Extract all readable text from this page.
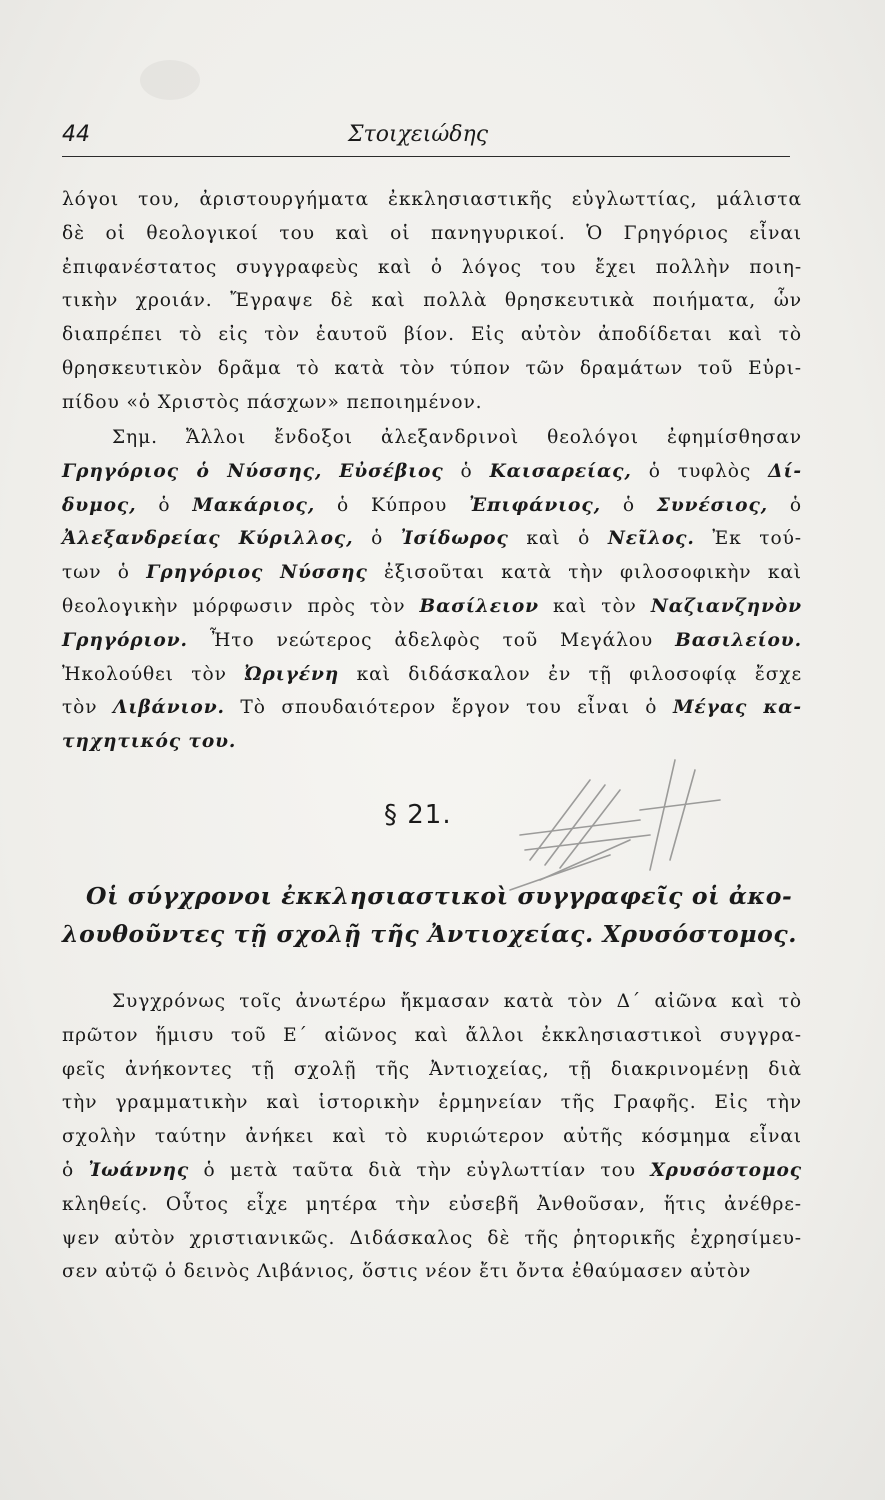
44	Στοιχειώδης
λόγοι του, ἀριστουργήματα ἐκκλησιαστικῆς εὐγλωττίας, μάλιστα
δὲ οἱ θεολογικοί του καὶ οἱ πανηγυρικοί. Ὁ Γρηγόριος εἶναι
ἐπιφανέστατος συγγραφεὺς καὶ ὁ λόγος του ἔχει πολλὴν ποιη-
τικὴν χροιάν. Ἔγραψε δὲ καὶ πολλὰ θρησκευτικὰ ποιήματα, ὧν
διαπρέπει τὸ εἰς τὸν ἑαυτοῦ βίον. Εἰς αὐτὸν ἀποδίδεται καὶ τὸ
θρησκευτικὸν δρᾶμα τὸ κατὰ τὸν τύπον τῶν δραμάτων τοῦ Εὐρι-
πίδου «ὁ Χριστὸς πάσχων» πεποιημένον.
Σημ. Ἄλλοι ἔνδοξοι ἀλεξανδρινοὶ θεολόγοι ἐφημίσθησαν
Γρηγόριος ὁ Νύσσης, Εὐσέβιος ὁ Καισαρείας, ὁ τυφλὸς Δί-
δυμος, ὁ Μακάριος, ὁ Κύπρου Ἐπιφάνιος, ὁ Συνέσιος, ὁ
Ἀλεξανδρείας Κύριλλος, ὁ Ἰσίδωρος καὶ ὁ Νεῖλος. Ἐκ τού-
των ὁ Γρηγόριος Νύσσης ἐξισοῦται κατὰ τὴν φιλοσοφικὴν καὶ
θεολογικὴν μόρφωσιν πρὸς τὸν Βασίλειον καὶ τὸν Ναζιανζηνὸν
Γρηγόριον. Ἦτο νεώτερος ἀδελφὸς τοῦ Μεγάλου Βασιλείου.
Ἠκολούθει τὸν Ὠριγένη καὶ διδάσκαλον ἐν τῇ φιλοσοφίᾳ ἔσχε
τὸν Λιβάνιον. Τὸ σπουδαιότερον ἔργον του εἶναι ὁ Μέγας κα-
τηχητικός του.
§ 21.
Οἱ σύγχρονοι ἐκκλησιαστικοὶ συγγραφεῖς οἱ ἀκο-
λουθοῦντες τῇ σχολῇ τῆς Ἀντιοχείας. Χρυσόστομος.
Συγχρόνως τοῖς ἀνωτέρω ἤκμασαν κατὰ τὸν Δ΄ αἰῶνα καὶ τὸ
πρῶτον ἥμισυ τοῦ Ε΄ αἰῶνος καὶ ἄλλοι ἐκκλησιαστικοὶ συγγρα-
φεῖς ἀνήκοντες τῇ σχολῇ τῆς Ἀντιοχείας, τῇ διακρινομένῃ διὰ
τὴν γραμματικὴν καὶ ἱστορικὴν ἑρμηνείαν τῆς Γραφῆς. Εἰς τὴν
σχολὴν ταύτην ἀνήκει καὶ τὸ κυριώτερον αὐτῆς κόσμημα εἶναι
ὁ Ἰωάννης ὁ μετὰ ταῦτα διὰ τὴν εὐγλωττίαν του Χρυσόστομος
κληθείς. Οὗτος εἶχε μητέρα τὴν εὐσεβῆ Ἀνθοῦσαν, ἥτις ἀνέθρε-
ψεν αὐτὸν χριστιανικῶς. Διδάσκαλος δὲ τῆς ῥητορικῆς ἐχρησίμευ-
σεν αὐτῷ ὁ δεινὸς Λιβάνιος, ὅστις νέον ἔτι ὄντα ἐθαύμασεν αὐτὸν
